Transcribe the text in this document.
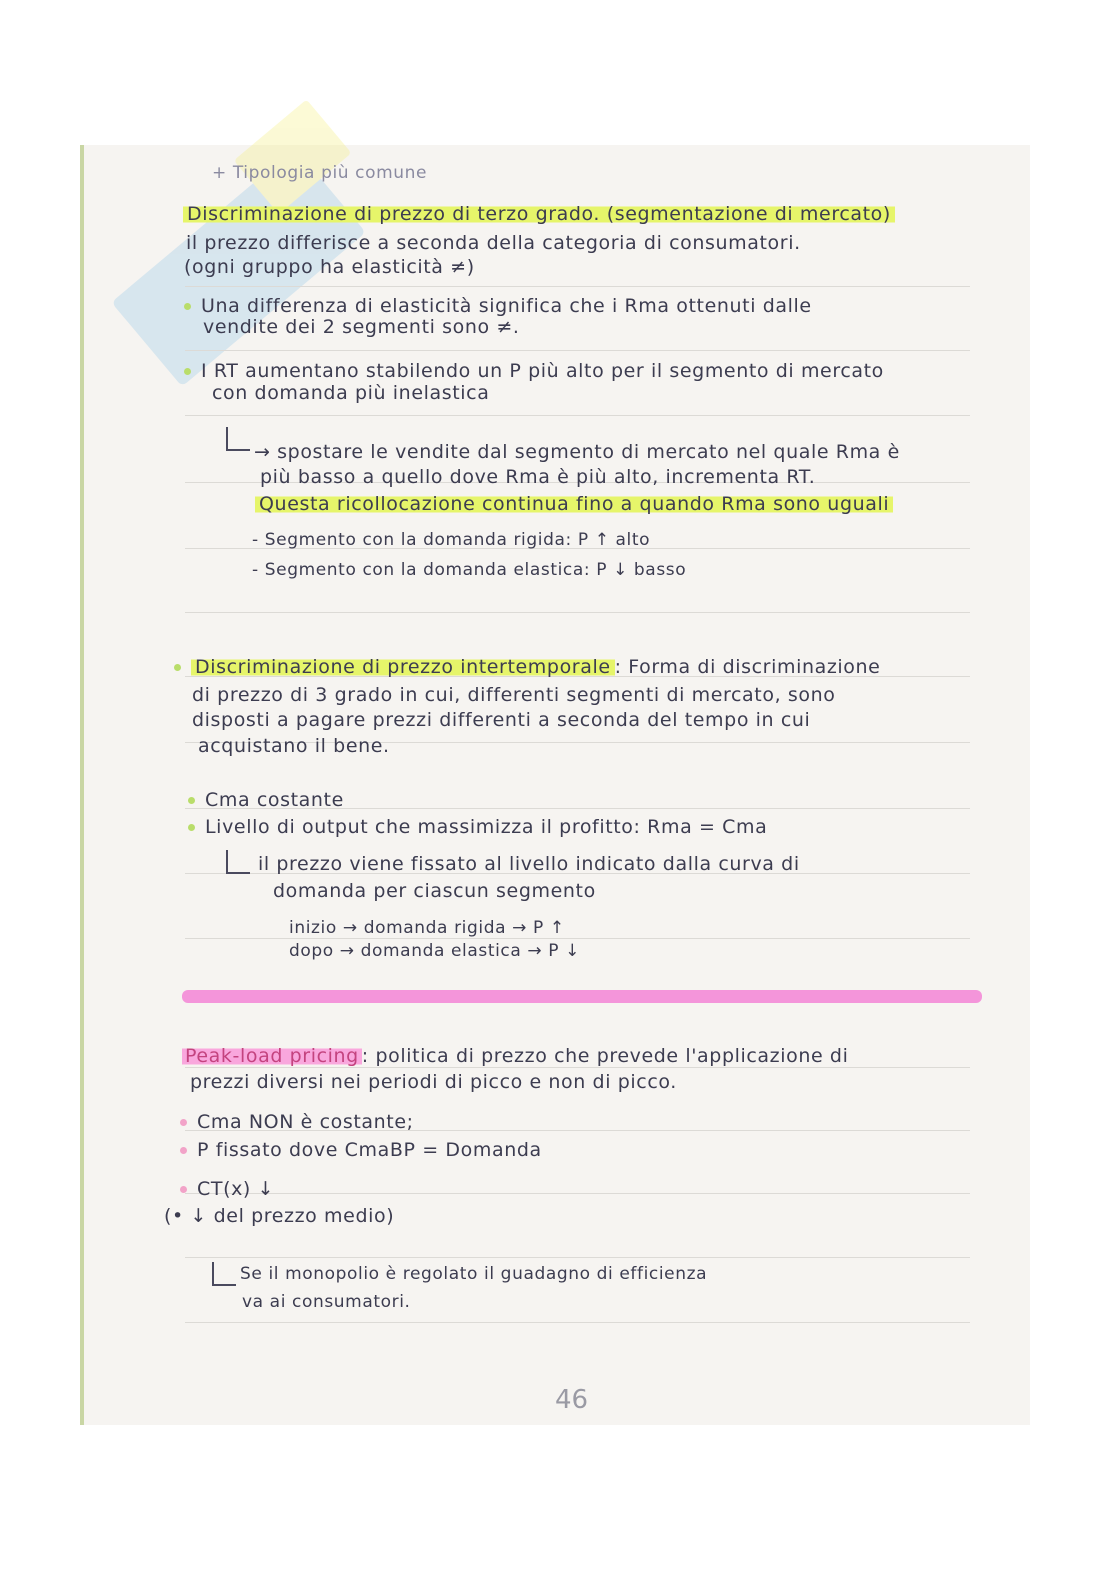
+ Tipologia più comune
Discriminazione di prezzo di terzo grado. (segmentazione di mercato)
il prezzo differisce a seconda della categoria di consumatori.
(ogni gruppo ha elasticità ≠)
Una differenza di elasticità significa che i Rma ottenuti dalle
vendite dei 2 segmenti sono ≠.
I RT aumentano stabilendo un P più alto per il segmento di mercato
con domanda più inelastica
→ spostare le vendite dal segmento di mercato nel quale Rma è
più basso a quello dove Rma è più alto, incrementa RT.
Questa ricollocazione continua fino a quando Rma sono uguali
- Segmento con la domanda rigida: P ↑ alto
- Segmento con la domanda elastica: P ↓ basso
Discriminazione di prezzo intertemporale : Forma di discriminazione
di prezzo di 3 grado in cui, differenti segmenti di mercato, sono
disposti a pagare prezzi differenti a seconda del tempo in cui
acquistano il bene.
Cma costante
Livello di output che massimizza il profitto: Rma = Cma
il prezzo viene fissato al livello indicato dalla curva di
domanda per ciascun segmento
inizio → domanda rigida → P ↑
dopo → domanda elastica → P ↓
Peak-load pricing : politica di prezzo che prevede l'applicazione di
prezzi diversi nei periodi di picco e non di picco.
Cma NON è costante;
P fissato dove CmaBP = Domanda
CT(x) ↓
(• ↓ del prezzo medio)
Se il monopolio è regolato il guadagno di efficienza
va ai consumatori.
46
